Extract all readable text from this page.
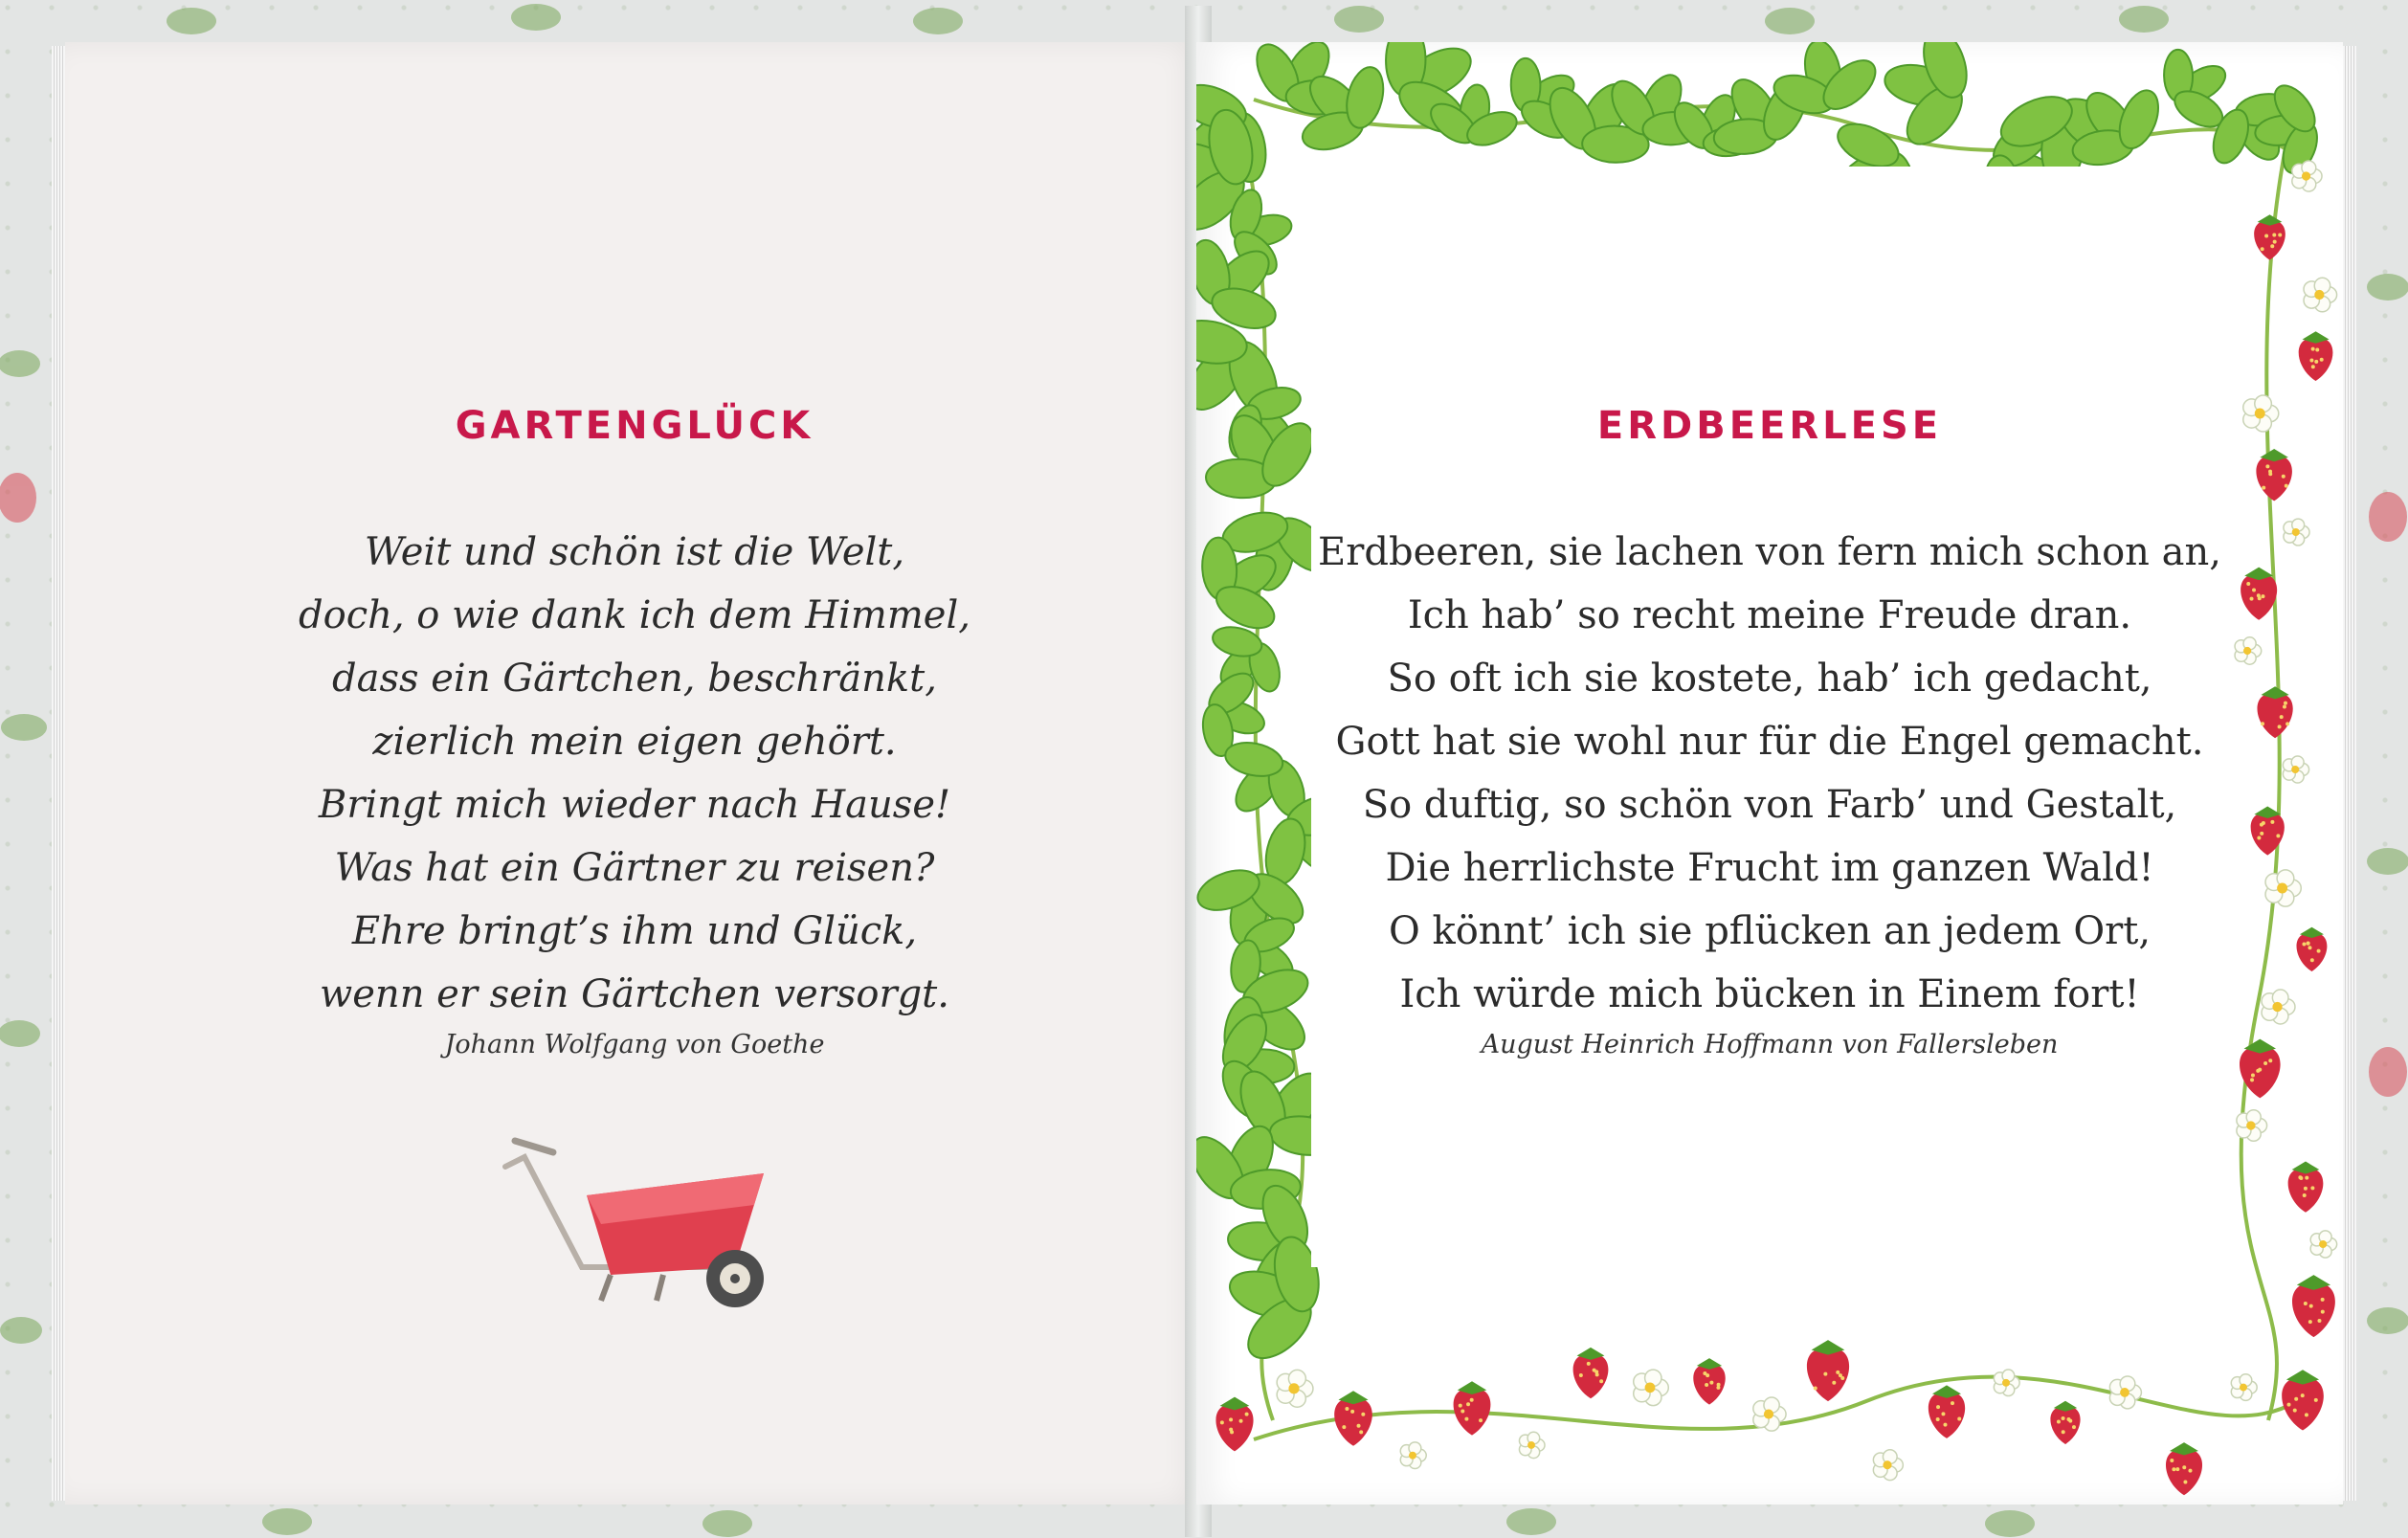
GARTENGLÜCK
Weit und schön ist die Welt,
doch, o wie dank ich dem Himmel,
dass ein Gärtchen, beschränkt,
zierlich mein eigen gehört.
Bringt mich wieder nach Hause!
Was hat ein Gärtner zu reisen?
Ehre bringt’s ihm und Glück,
wenn er sein Gärtchen versorgt.
Johann Wolfgang von Goethe
ERDBEERLESE
Erdbeeren, sie lachen von fern mich schon an,
Ich hab’ so recht meine Freude dran.
So oft ich sie kostete, hab’ ich gedacht,
Gott hat sie wohl nur für die Engel gemacht.
So duftig, so schön von Farb’ und Gestalt,
Die herrlichste Frucht im ganzen Wald!
O könnt’ ich sie pflücken an jedem Ort,
Ich würde mich bücken in Einem fort!
August Heinrich Hoffmann von Fallersleben
